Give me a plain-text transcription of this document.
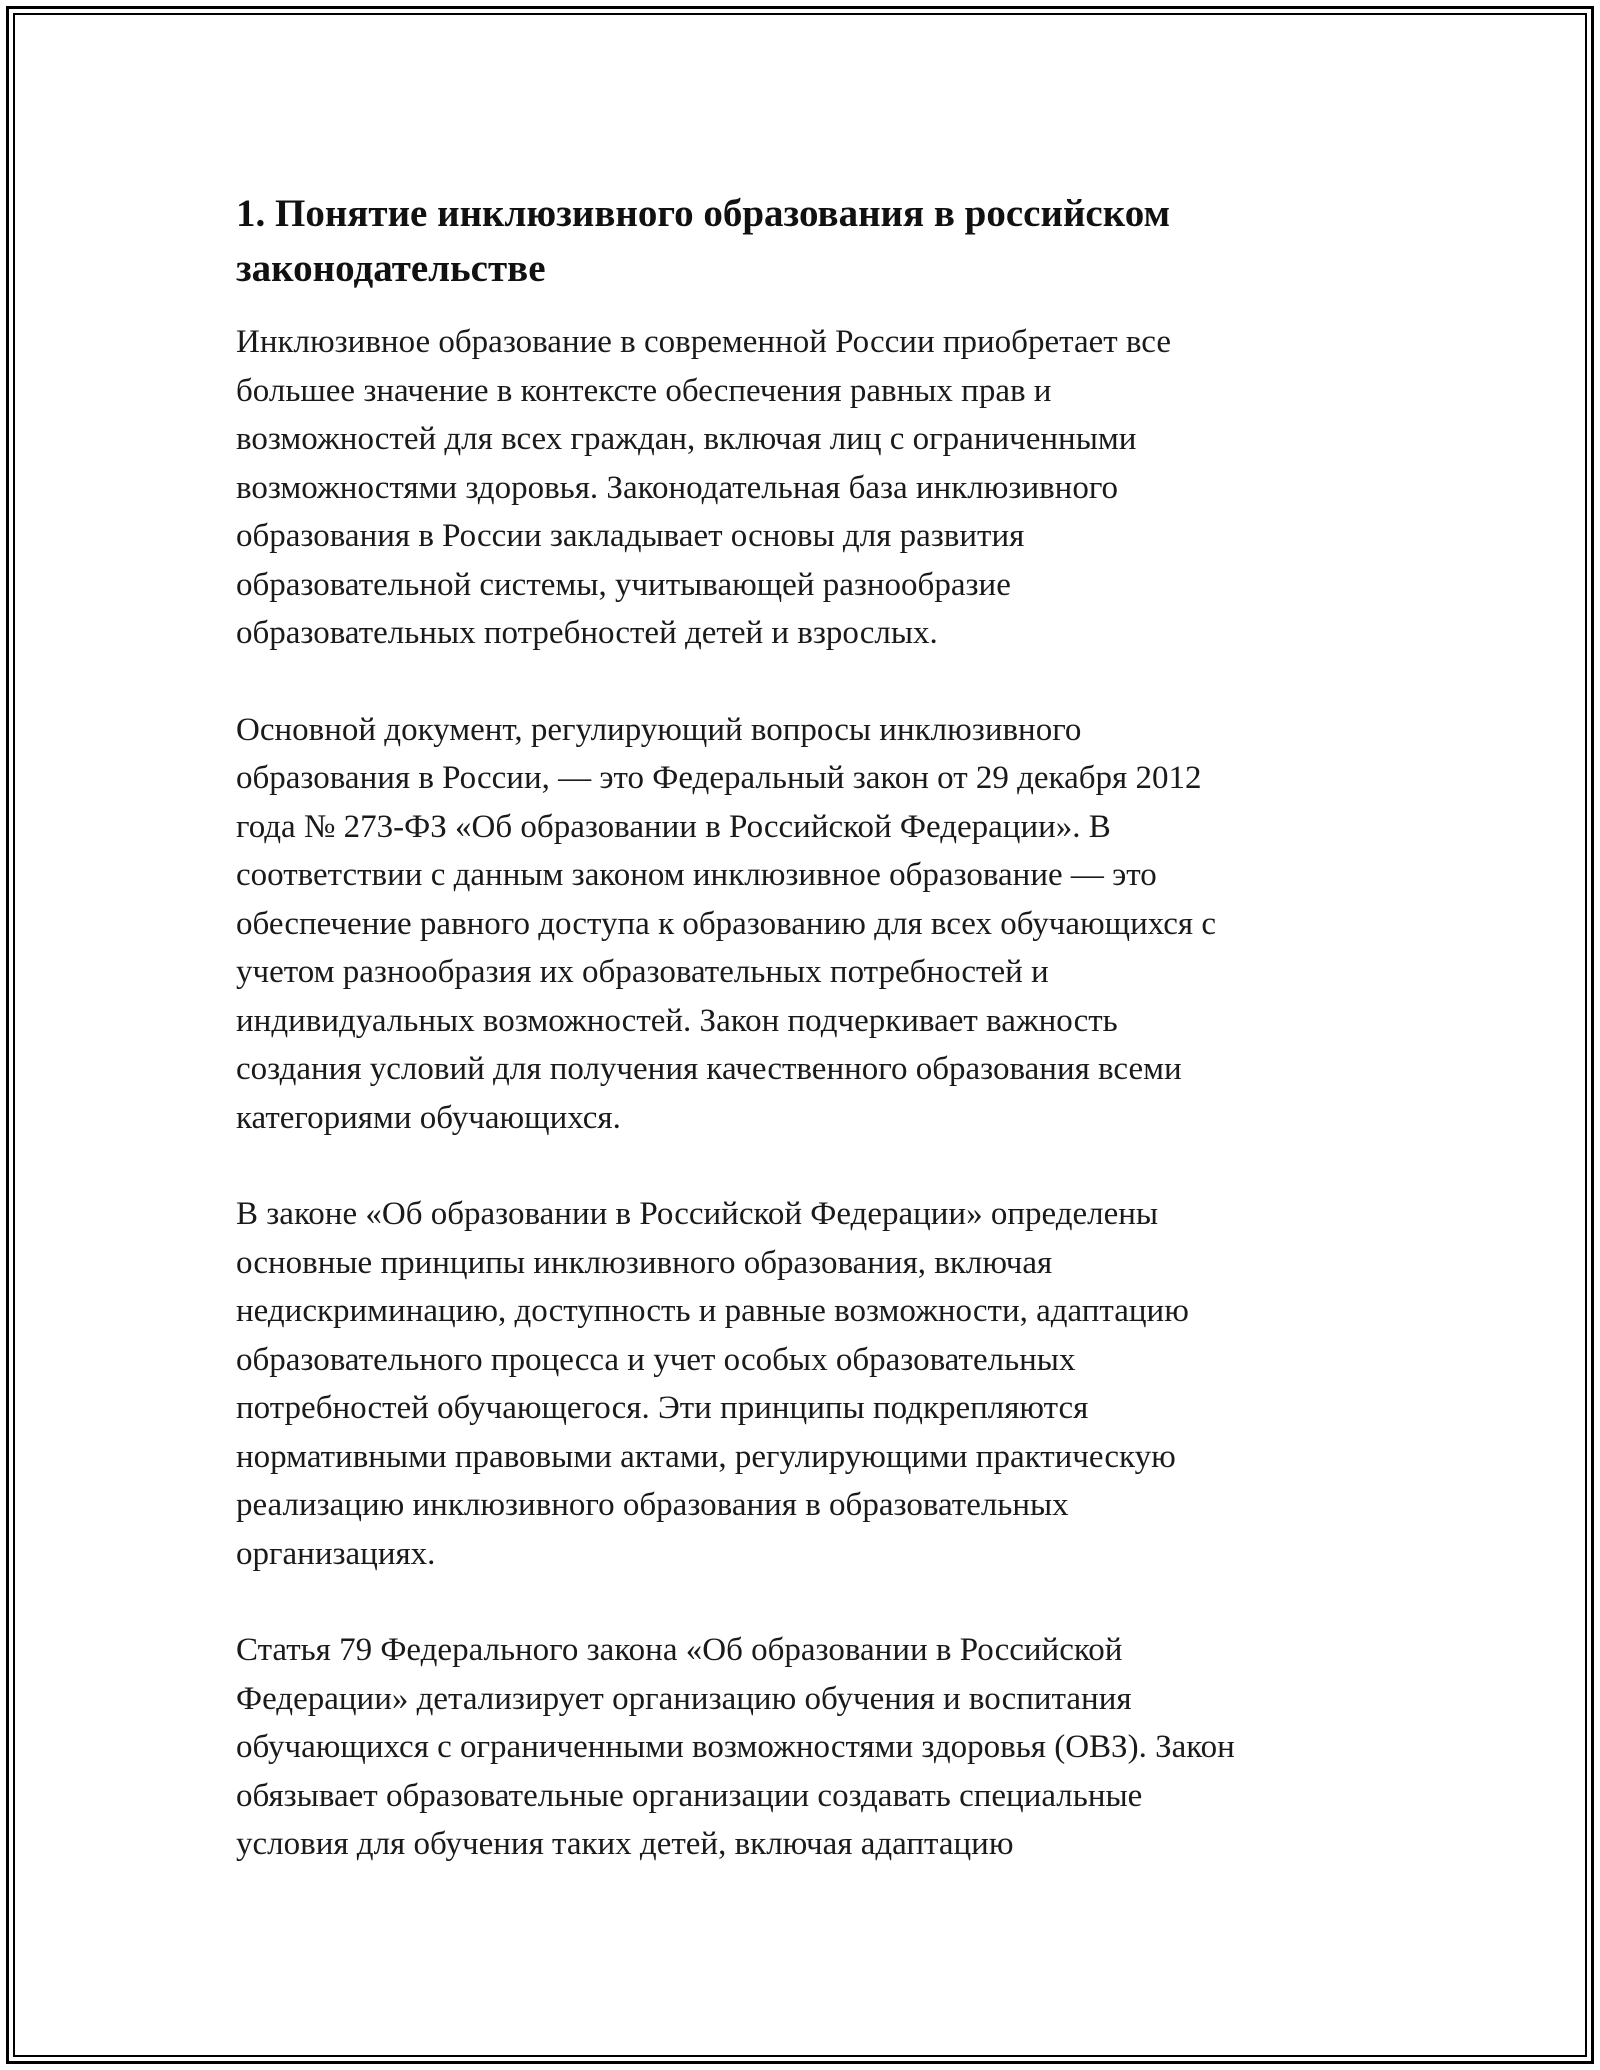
1. Понятие инклюзивного образования в российском законодательстве

Инклюзивное образование в современной России приобретает все
большее значение в контексте обеспечения равных прав и
возможностей для всех граждан, включая лиц с ограниченными
возможностями здоровья. Законодательная база инклюзивного
образования в России закладывает основы для развития
образовательной системы, учитывающей разнообразие
образовательных потребностей детей и взрослых.

Основной документ, регулирующий вопросы инклюзивного
образования в России, — это Федеральный закон от 29 декабря 2012
года № 273-ФЗ «Об образовании в Российской Федерации». В
соответствии с данным законом инклюзивное образование — это
обеспечение равного доступа к образованию для всех обучающихся с
учетом разнообразия их образовательных потребностей и
индивидуальных возможностей. Закон подчеркивает важность
создания условий для получения качественного образования всеми
категориями обучающихся.

В законе «Об образовании в Российской Федерации» определены
основные принципы инклюзивного образования, включая
недискриминацию, доступность и равные возможности, адаптацию
образовательного процесса и учет особых образовательных
потребностей обучающегося. Эти принципы подкрепляются
нормативными правовыми актами, регулирующими практическую
реализацию инклюзивного образования в образовательных
организациях.

Статья 79 Федерального закона «Об образовании в Российской
Федерации» детализирует организацию обучения и воспитания
обучающихся с ограниченными возможностями здоровья (ОВЗ). Закон
обязывает образовательные организации создавать специальные
условия для обучения таких детей, включая адаптацию
